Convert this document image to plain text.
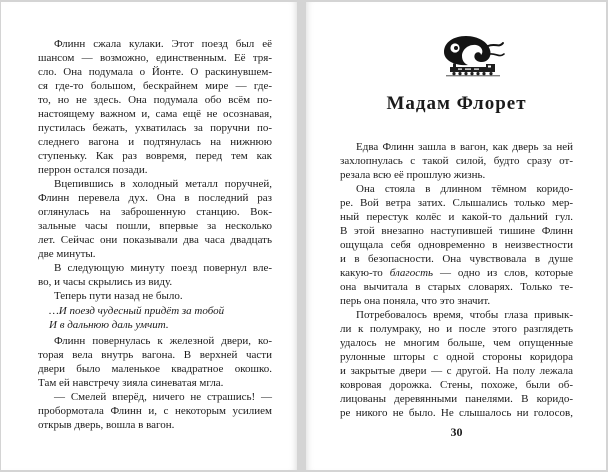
Флинн сжала кулаки. Этот поезд был её
шансом — возможно, единственным. Её тря-
сло. Она подумала о Йонте. О раскинувшем-
ся где-то большом, бескрайнем мире — где-
то, но не здесь. Она подумала обо всём по-
настоящему важном и, сама ещё не осознавая,
пустилась бежать, ухватилась за поручни по-
следнего вагона и подтянулась на нижнюю
ступеньку. Как раз вовремя, перед тем как
перрон остался позади.
Вцепившись в холодный металл поручней,
Флинн перевела дух. Она в последний раз
оглянулась на заброшенную станцию. Вок-
зальные часы пошли, впервые за несколько
лет. Сейчас они показывали два часа двадцать
две минуты.
В следующую минуту поезд повернул вле-
во, и часы скрылись из виду.
Теперь пути назад не было.
…И поезд чудесный придёт за тобой
И в дальнюю даль умчит.
Флинн повернулась к железной двери, ко-
торая вела внутрь вагона. В верхней части
двери было маленькое квадратное окошко.
Там ей навстречу зияла синеватая мгла.
— Смелей вперёд, ничего не страшись! —
пробормотала Флинн и, с некоторым усилием
открыв дверь, вошла в вагон.
Мадам Флорет
Едва Флинн зашла в вагон, как дверь за ней
захлопнулась с такой силой, будто сразу от-
резала всю её прошлую жизнь.
Она стояла в длинном тёмном коридо-
ре. Вой ветра затих. Слышались только мер-
ный перестук колёс и какой-то дальний гул.
В этой внезапно наступившей тишине Флинн
ощущала себя одновременно в неизвестности
и в безопасности. Она чувствовала в душе
какую-то благость — одно из слов, которые
она вычитала в старых словарях. Только те-
перь она поняла, что это значит.
Потребовалось время, чтобы глаза привык-
ли к полумраку, но и после этого разглядеть
удалось не многим больше, чем опущенные
рулонные шторы с одной стороны коридора
и закрытые двери — с другой. На полу лежала
ковровая дорожка. Стены, похоже, были об-
лицованы деревянными панелями. В коридо-
ре никого не было. Не слышалось ни голосов,
30
